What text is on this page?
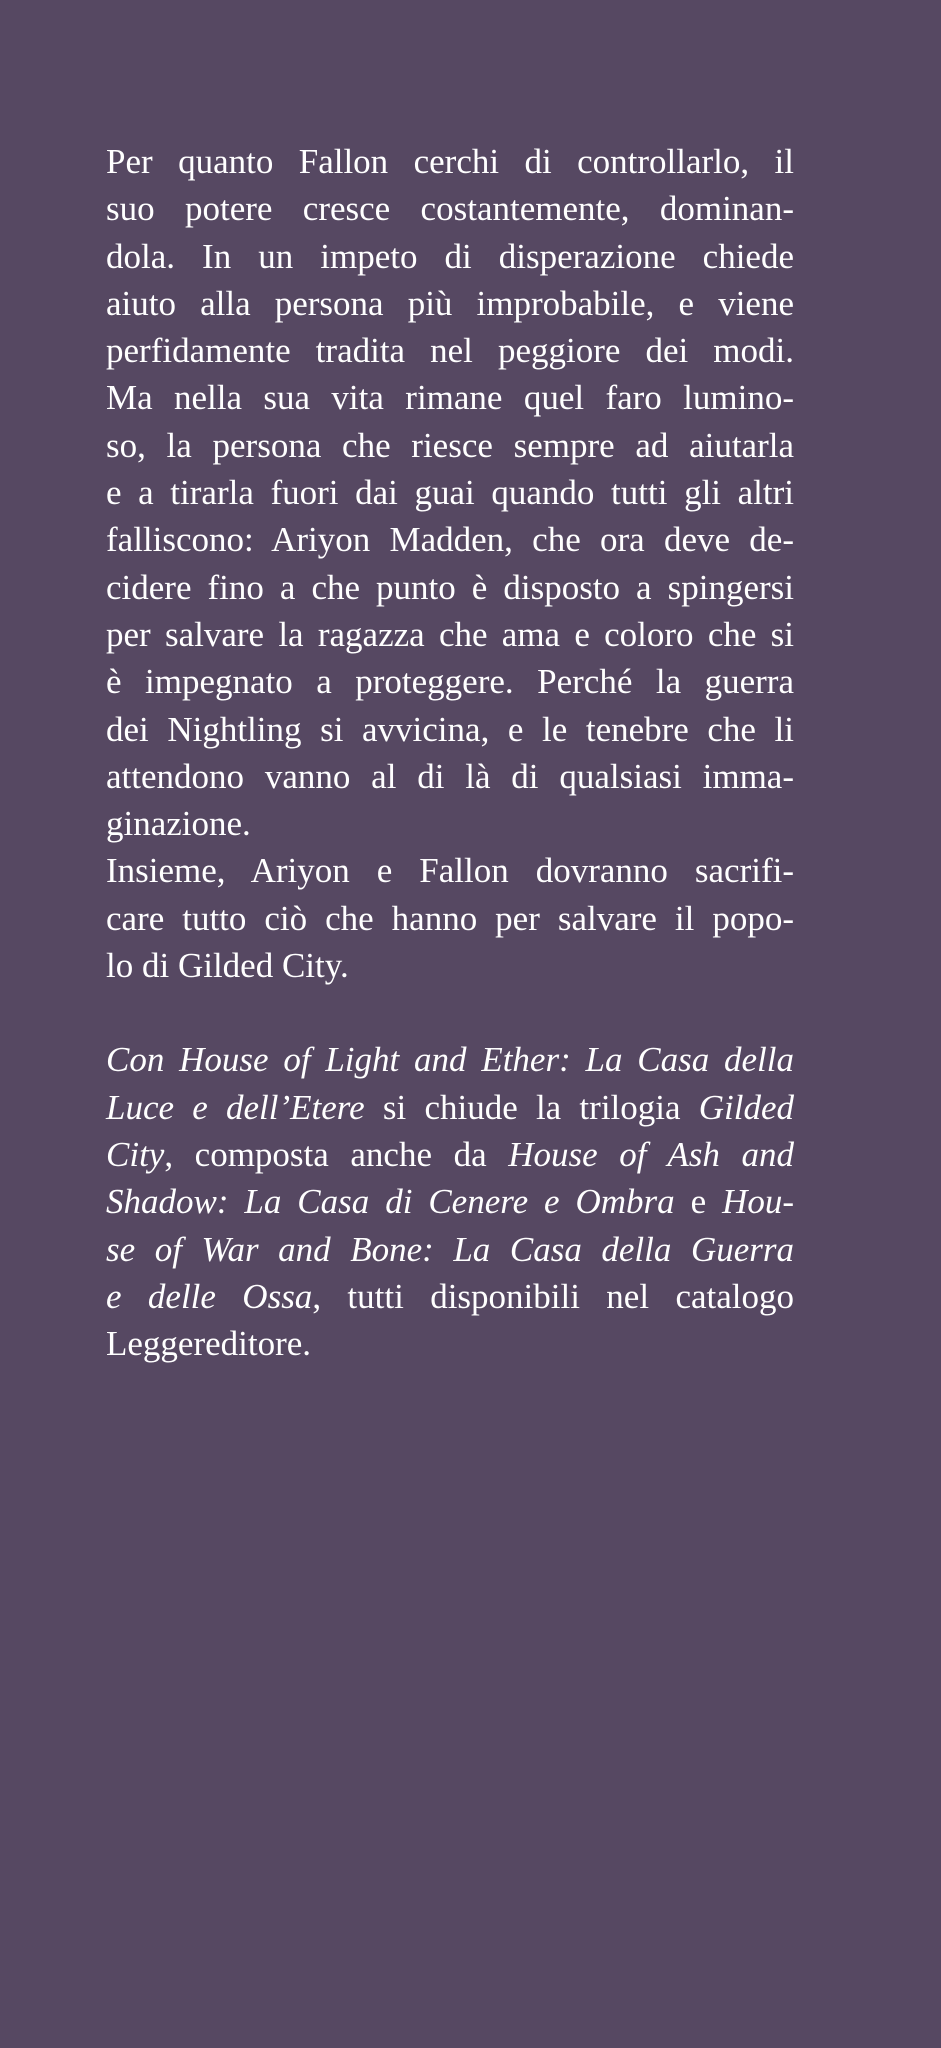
Per quanto Fallon cerchi di controllarlo, il
suo potere cresce costantemente, dominan-
dola. In un impeto di disperazione chiede
aiuto alla persona più improbabile, e viene
perfidamente tradita nel peggiore dei modi.
Ma nella sua vita rimane quel faro lumino-
so, la persona che riesce sempre ad aiutarla
e a tirarla fuori dai guai quando tutti gli altri
falliscono: Ariyon Madden, che ora deve de-
cidere fino a che punto è disposto a spingersi
per salvare la ragazza che ama e coloro che si
è impegnato a proteggere. Perché la guerra
dei Nightling si avvicina, e le tenebre che li
attendono vanno al di là di qualsiasi imma-
ginazione.

Insieme, Ariyon e Fallon dovranno sacrifi-
care tutto ciò che hanno per salvare il popo-
lo di Gilded City.

Con House of Light and Ether: La Casa della
Luce e dell’Etere si chiude la trilogia Gilded
City, composta anche da House of Ash and
Shadow: La Casa di Cenere e Ombra e Hou-
se of War and Bone: La Casa della Guerra
e delle Ossa, tutti disponibili nel catalogo
Leggereditore.
